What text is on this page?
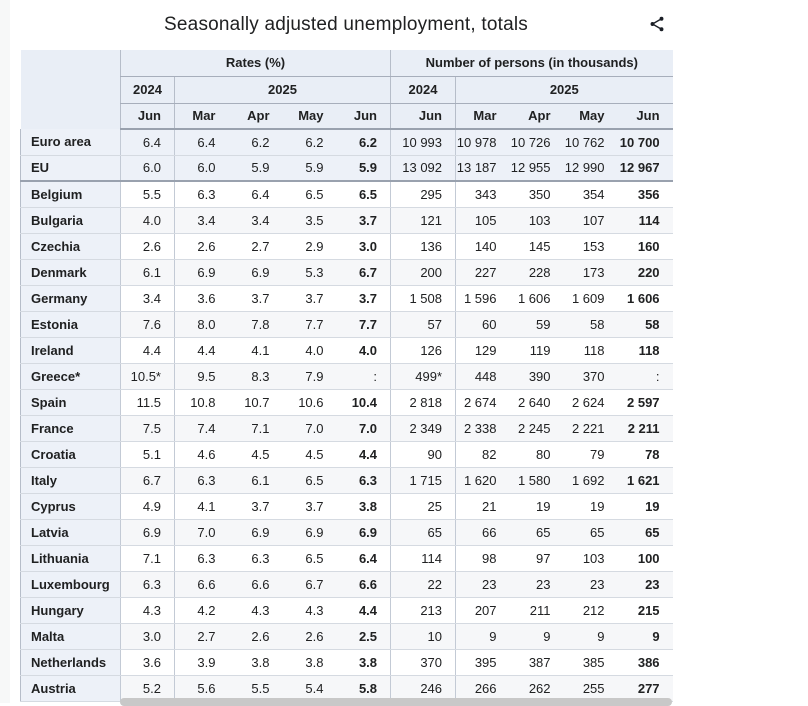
Seasonally adjusted unemployment, totals
	Rates (%)					Number of persons (in thousands)				
	2024	2025				2024	2025			
	Jun	Mar	Apr	May	Jun	Jun	Mar	Apr	May	Jun
Euro area	6.4	6.4	6.2	6.2	6.2	10 993	10 978	10 726	10 762	10 700
EU	6.0	6.0	5.9	5.9	5.9	13 092	13 187	12 955	12 990	12 967
Belgium	5.5	6.3	6.4	6.5	6.5	295	343	350	354	356
Bulgaria	4.0	3.4	3.4	3.5	3.7	121	105	103	107	114
Czechia	2.6	2.6	2.7	2.9	3.0	136	140	145	153	160
Denmark	6.1	6.9	6.9	5.3	6.7	200	227	228	173	220
Germany	3.4	3.6	3.7	3.7	3.7	1 508	1 596	1 606	1 609	1 606
Estonia	7.6	8.0	7.8	7.7	7.7	57	60	59	58	58
Ireland	4.4	4.4	4.1	4.0	4.0	126	129	119	118	118
Greece*	10.5*	9.5	8.3	7.9	:	499*	448	390	370	:
Spain	11.5	10.8	10.7	10.6	10.4	2 818	2 674	2 640	2 624	2 597
France	7.5	7.4	7.1	7.0	7.0	2 349	2 338	2 245	2 221	2 211
Croatia	5.1	4.6	4.5	4.5	4.4	90	82	80	79	78
Italy	6.7	6.3	6.1	6.5	6.3	1 715	1 620	1 580	1 692	1 621
Cyprus	4.9	4.1	3.7	3.7	3.8	25	21	19	19	19
Latvia	6.9	7.0	6.9	6.9	6.9	65	66	65	65	65
Lithuania	7.1	6.3	6.3	6.5	6.4	114	98	97	103	100
Luxembourg	6.3	6.6	6.6	6.7	6.6	22	23	23	23	23
Hungary	4.3	4.2	4.3	4.3	4.4	213	207	211	212	215
Malta	3.0	2.7	2.6	2.6	2.5	10	9	9	9	9
Netherlands	3.6	3.9	3.8	3.8	3.8	370	395	387	385	386
Austria	5.2	5.6	5.5	5.4	5.8	246	266	262	255	277
